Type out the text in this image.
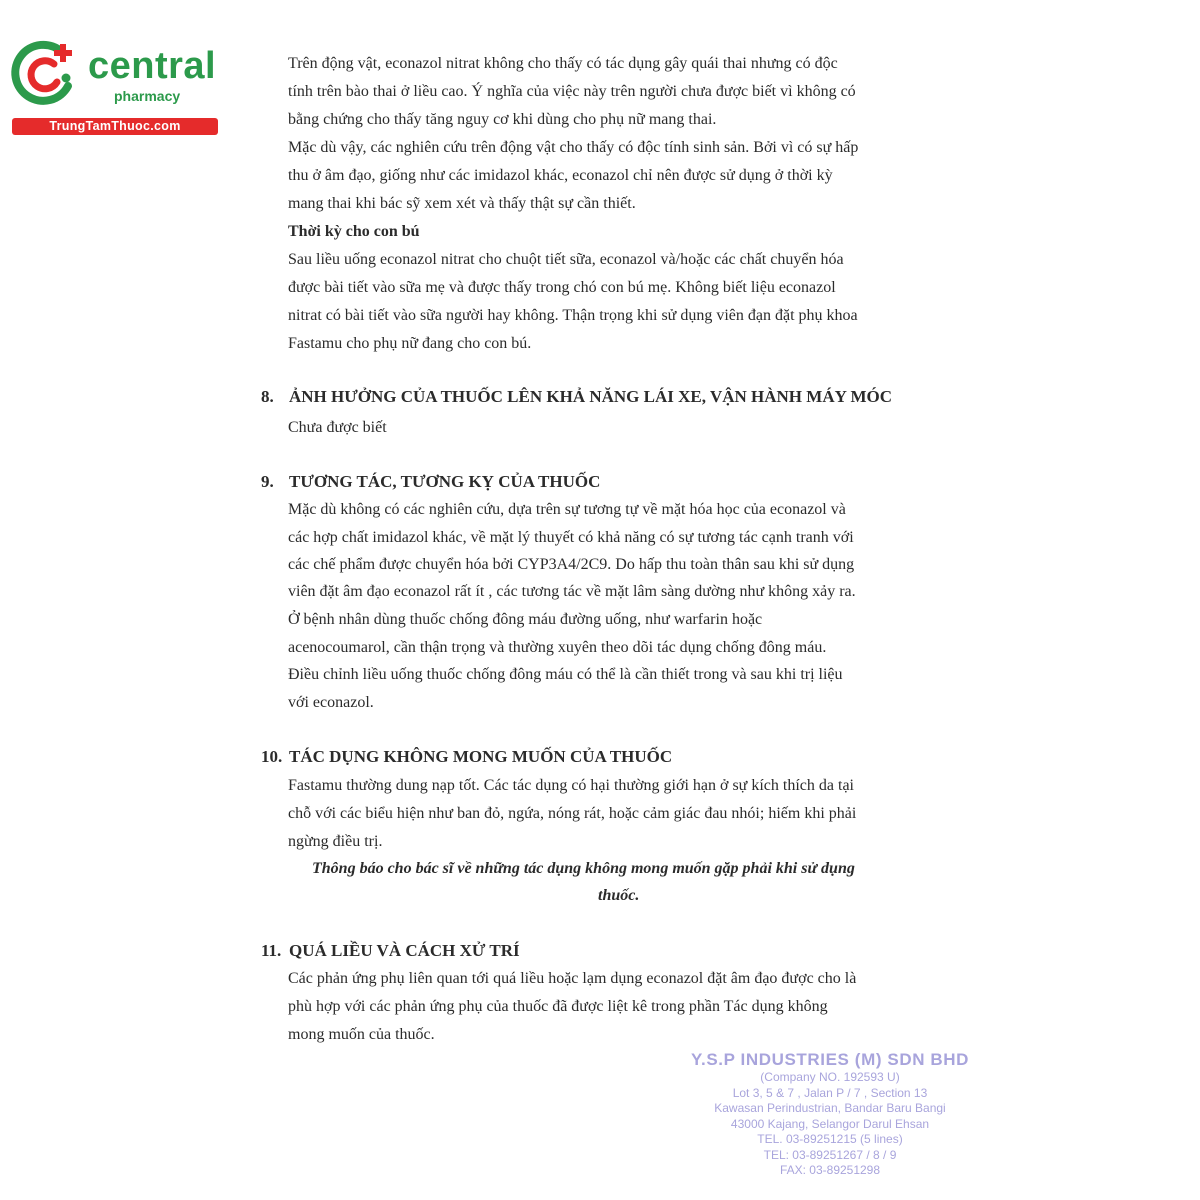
central
pharmacy
TrungTamThuoc.com
Trên động vật, econazol nitrat không cho thấy có tác dụng gây quái thai nhưng có độc
tính trên bào thai ở liều cao. Ý nghĩa của việc này trên người chưa được biết vì không có
bằng chứng cho thấy tăng nguy cơ khi dùng cho phụ nữ mang thai.
Mặc dù vậy, các nghiên cứu trên động vật cho thấy có độc tính sinh sản. Bởi vì có sự hấp
thu ở âm đạo, giống như các imidazol khác, econazol chỉ nên được sử dụng ở thời kỳ
mang thai khi bác sỹ xem xét và thấy thật sự cần thiết.
Thời kỳ cho con bú
Sau liều uống econazol nitrat cho chuột tiết sữa, econazol và/hoặc các chất chuyển hóa
được bài tiết vào sữa mẹ và được thấy trong chó con bú mẹ. Không biết liệu econazol
nitrat có bài tiết vào sữa người hay không. Thận trọng khi sử dụng viên đạn đặt phụ khoa
Fastamu cho phụ nữ đang cho con bú.
8. ẢNH HƯỞNG CỦA THUỐC LÊN KHẢ NĂNG LÁI XE, VẬN HÀNH MÁY MÓC
Chưa được biết
9. TƯƠNG TÁC, TƯƠNG KỴ CỦA THUỐC
Mặc dù không có các nghiên cứu, dựa trên sự tương tự về mặt hóa học của econazol và
các hợp chất imidazol khác, về mặt lý thuyết có khả năng có sự tương tác cạnh tranh với
các chế phẩm được chuyển hóa bởi CYP3A4/2C9. Do hấp thu toàn thân sau khi sử dụng
viên đặt âm đạo econazol rất ít , các tương tác về mặt lâm sàng dường như không xảy ra.
Ở bệnh nhân dùng thuốc chống đông máu đường uống, như warfarin hoặc
acenocoumarol, cần thận trọng và thường xuyên theo dõi tác dụng chống đông máu.
Điều chỉnh liều uống thuốc chống đông máu có thể là cần thiết trong và sau khi trị liệu
với econazol.
10. TÁC DỤNG KHÔNG MONG MUỐN CỦA THUỐC
Fastamu thường dung nạp tốt. Các tác dụng có hại thường giới hạn ở sự kích thích da tại
chỗ với các biểu hiện như ban đỏ, ngứa, nóng rát, hoặc cảm giác đau nhói; hiếm khi phải
ngừng điều trị.
Thông báo cho bác sĩ về những tác dụng không mong muốn gặp phải khi sử dụng
thuốc.
11. QUÁ LIỀU VÀ CÁCH XỬ TRÍ
Các phản ứng phụ liên quan tới quá liều hoặc lạm dụng econazol đặt âm đạo được cho là
phù hợp với các phản ứng phụ của thuốc đã được liệt kê trong phần Tác dụng không
mong muốn của thuốc.
Y.S.P INDUSTRIES (M) SDN BHD
(Company NO. 192593 U)
Lot 3, 5 & 7 , Jalan P / 7 , Section 13
Kawasan Perindustrian, Bandar Baru Bangi
43000 Kajang, Selangor Darul Ehsan
TEL. 03-89251215 (5 lines)
TEL: 03-89251267 / 8 / 9
FAX: 03-89251298
